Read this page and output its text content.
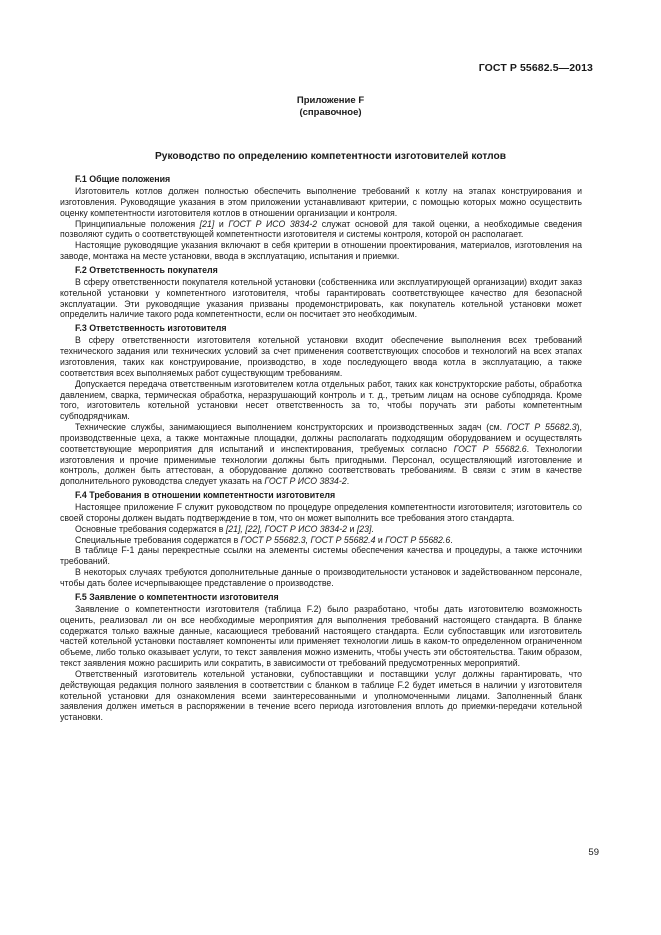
ГОСТ Р 55682.5—2013
Приложение F
(справочное)
Руководство по определению компетентности изготовителей котлов
F.1 Общие положения

Изготовитель котлов должен полностью обеспечить выполнение требований к котлу на этапах конструирования и изготовления. Руководящие указания в этом приложении устанавливают критерии, с помощью которых можно осуществить оценку компетентности изготовителя котлов в отношении организации и контроля.

Принципиальные положения [21] и ГОСТ Р ИСО 3834-2 служат основой для такой оценки, а необходимые сведения позволяют судить о соответствующей компетентности изготовителя и системы контроля, которой он располагает.

Настоящие руководящие указания включают в себя критерии в отношении проектирования, материалов, изготовления на заводе, монтажа на месте установки, ввода в эксплуатацию, испытания и приемки.

F.2 Ответственность покупателя

В сферу ответственности покупателя котельной установки (собственника или эксплуатирующей организации) входит заказ котельной установки у компетентного изготовителя, чтобы гарантировать соответствующее качество для безопасной эксплуатации. Эти руководящие указания призваны продемонстрировать, как покупатель котельной установки может определить наличие такого рода компетентности, если он посчитает это необходимым.

F.3 Ответственность изготовителя

В сферу ответственности изготовителя котельной установки входит обеспечение выполнения всех требований технического задания или технических условий за счет применения соответствующих способов и технологий на всех этапах изготовления, таких как конструирование, производство, в ходе последующего ввода котла в эксплуатацию, а также соответствия всех выполняемых работ существующим требованиям.

Допускается передача ответственным изготовителем котла отдельных работ, таких как конструкторские работы, обработка давлением, сварка, термическая обработка, неразрушающий контроль и т. д., третьим лицам на основе субподряда. Кроме того, изготовитель котельной установки несет ответственность за то, чтобы поручать эти работы компетентным субподрядчикам.

Технические службы, занимающиеся выполнением конструкторских и производственных задач (см. ГОСТ Р 55682.3), производственные цеха, а также монтажные площадки, должны располагать подходящим оборудованием и осуществлять соответствующие мероприятия для испытаний и инспектирования, требуемых согласно ГОСТ Р 55682.6. Технологии изготовления и прочие применимые технологии должны быть пригодными. Персонал, осуществляющий изготовление и контроль, должен быть аттестован, а оборудование должно соответствовать требованиям. В связи с этим в качестве дополнительного руководства следует указать на ГОСТ Р ИСО 3834-2.

F.4 Требования в отношении компетентности изготовителя

Настоящее приложение F служит руководством по процедуре определения компетентности изготовителя; изготовитель со своей стороны должен выдать подтверждение в том, что он может выполнить все требования этого стандарта.

Основные требования содержатся в [21], [22], ГОСТ Р ИСО 3834-2 и [23].

Специальные требования содержатся в ГОСТ Р 55682.3, ГОСТ Р 55682.4 и ГОСТ Р 55682.6.

В таблице F-1 даны перекрестные ссылки на элементы системы обеспечения качества и процедуры, а также источники требований.

В некоторых случаях требуются дополнительные данные о производительности установок и задействованном персонале, чтобы дать более исчерпывающее представление о производстве.

F.5 Заявление о компетентности изготовителя

Заявление о компетентности изготовителя (таблица F.2) было разработано, чтобы дать изготовителю возможность оценить, реализовал ли он все необходимые мероприятия для выполнения требований настоящего стандарта. В бланке содержатся только важные данные, касающиеся требований настоящего стандарта. Если субпоставщик или изготовитель частей котельной установки поставляет компоненты или применяет технологии лишь в каком-то определенном ограниченном объеме, либо только оказывает услуги, то текст заявления можно изменить, чтобы учесть эти обстоятельства. Таким образом, текст заявления можно расширить или сократить, в зависимости от требований предусмотренных мероприятий.

Ответственный изготовитель котельной установки, субпоставщики и поставщики услуг должны гарантировать, что действующая редакция полного заявления в соответствии с бланком в таблице F.2 будет иметься в наличии у изготовителя котельной установки для ознакомления всеми заинтересованными и уполномоченными лицами. Заполненный бланк заявления должен иметься в распоряжении в течение всего периода изготовления вплоть до приемки-передачи котельной установки.

59
